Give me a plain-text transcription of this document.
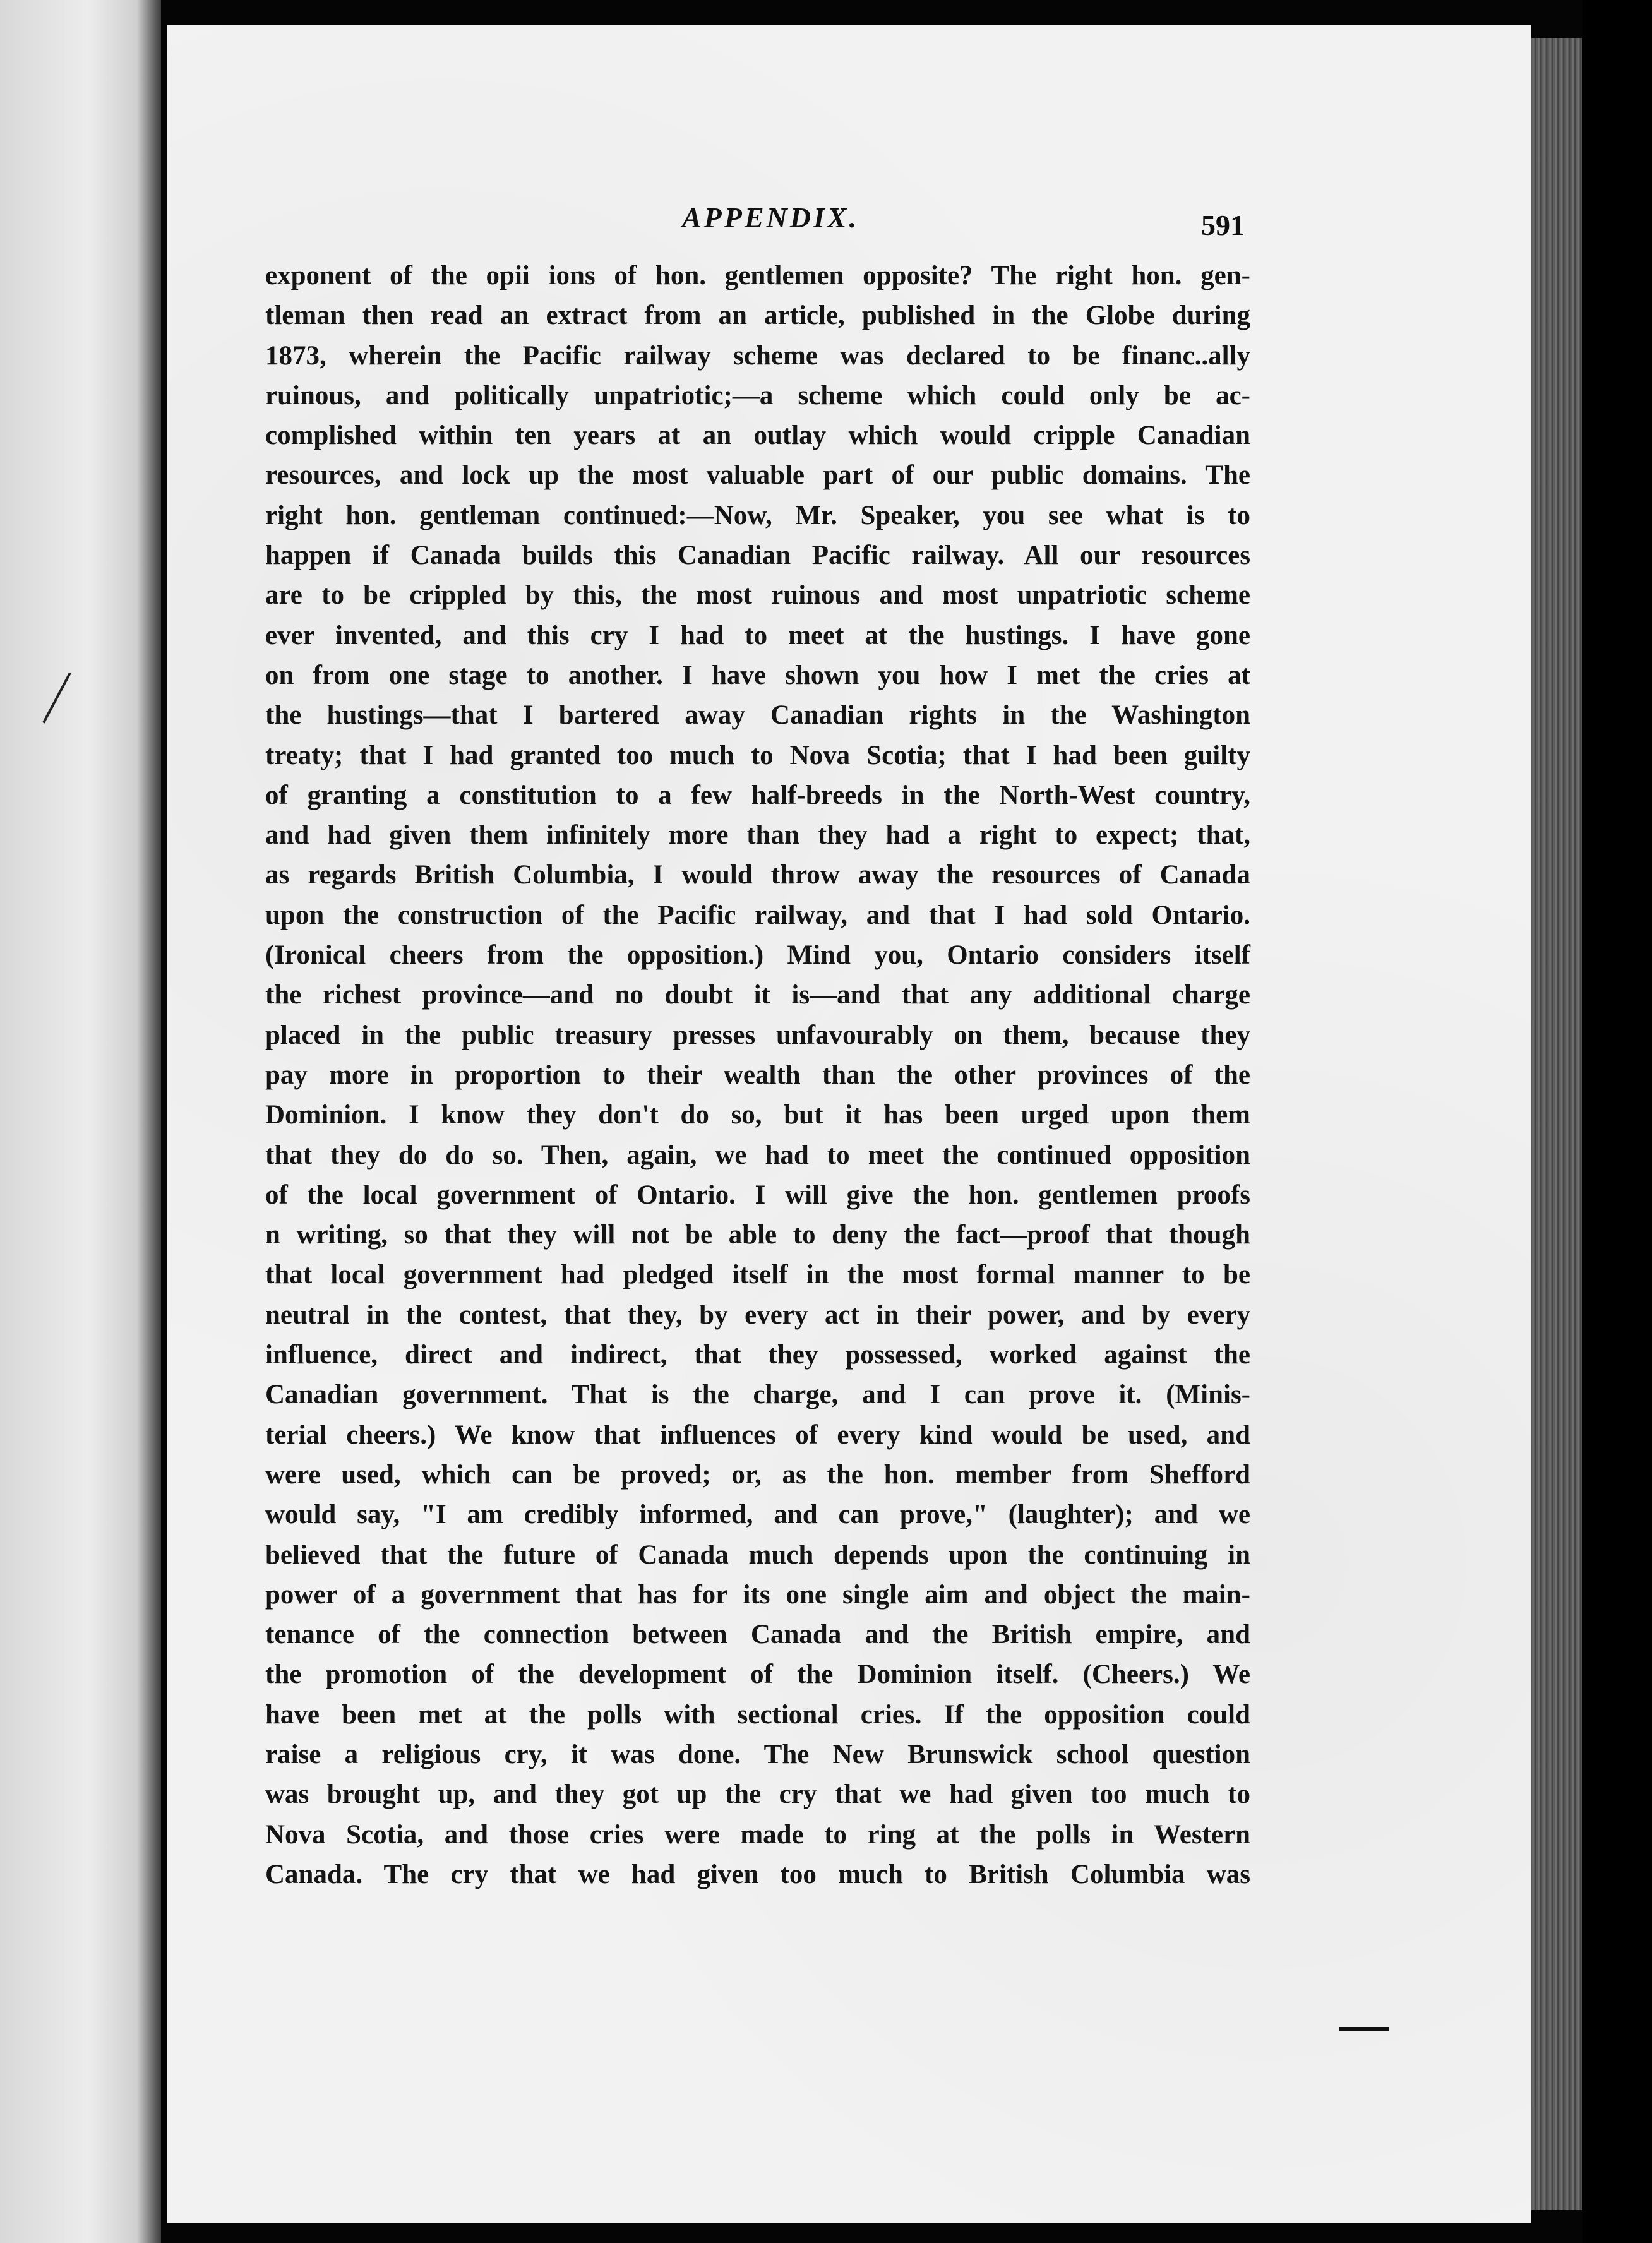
APPENDIX.	591
exponent of the opii ions of hon. gentlemen opposite? The right hon. gen-
tleman then read an extract from an article, published in the Globe during
1873, wherein the Pacific railway scheme was declared to be financ..ally
ruinous, and politically unpatriotic;—a scheme which could only be ac-
complished within ten years at an outlay which would cripple Canadian
resources, and lock up the most valuable part of our public domains. The
right hon. gentleman continued:—Now, Mr. Speaker, you see what is to
happen if Canada builds this Canadian Pacific railway. All our resources
are to be crippled by this, the most ruinous and most unpatriotic scheme
ever invented, and this cry I had to meet at the hustings. I have gone
on from one stage to another. I have shown you how I met the cries at
the hustings—that I bartered away Canadian rights in the Washington
treaty; that I had granted too much to Nova Scotia; that I had been guilty
of granting a constitution to a few half-breeds in the North-West country,
and had given them infinitely more than they had a right to expect; that,
as regards British Columbia, I would throw away the resources of Canada
upon the construction of the Pacific railway, and that I had sold Ontario.
(Ironical cheers from the opposition.) Mind you, Ontario considers itself
the richest province—and no doubt it is—and that any additional charge
placed in the public treasury presses unfavourably on them, because they
pay more in proportion to their wealth than the other provinces of the
Dominion. I know they don't do so, but it has been urged upon them
that they do do so. Then, again, we had to meet the continued opposition
of the local government of Ontario. I will give the hon. gentlemen proofs
n writing, so that they will not be able to deny the fact—proof that though
that local government had pledged itself in the most formal manner to be
neutral in the contest, that they, by every act in their power, and by every
influence, direct and indirect, that they possessed, worked against the
Canadian government. That is the charge, and I can prove it. (Minis-
terial cheers.) We know that influences of every kind would be used, and
were used, which can be proved; or, as the hon. member from Shefford
would say, "I am credibly informed, and can prove," (laughter); and we
believed that the future of Canada much depends upon the continuing in
power of a government that has for its one single aim and object the main-
tenance of the connection between Canada and the British empire, and
the promotion of the development of the Dominion itself. (Cheers.) We
have been met at the polls with sectional cries. If the opposition could
raise a religious cry, it was done. The New Brunswick school question
was brought up, and they got up the cry that we had given too much to
Nova Scotia, and those cries were made to ring at the polls in Western
Canada. The cry that we had given too much to British Columbia was
